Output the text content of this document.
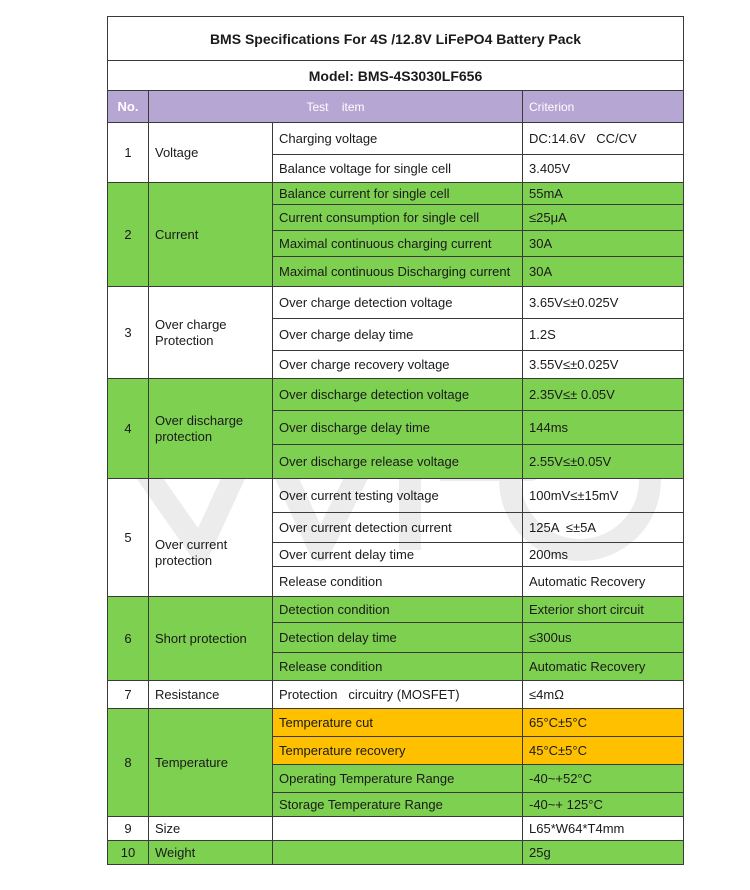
BMS Specifications For 4S /12.8V LiFePO4 Battery Pack			
Model: BMS-4S3030LF656			
No.	Test    item		Criterion
1	Voltage	Charging voltage	DC:14.6V   CC/CV
		Balance voltage for single cell	3.405V
2	Current	Balance current for single cell	55mA
		Current consumption for single cell	≤25μA
		Maximal continuous charging current	30A
		Maximal continuous Discharging current	30A
3	Over charge Protection	Over charge detection voltage	3.65V≤±0.025V
		Over charge delay time	1.2S
		Over charge recovery voltage	3.55V≤±0.025V
4	Over discharge protection	Over discharge detection voltage	2.35V≤± 0.05V
		Over discharge delay time	144ms
		Over discharge release voltage	2.55V≤±0.05V
5	Over current protection	Over current testing voltage	100mV≤±15mV
		Over current detection current	125A  ≤±5A
		Over current delay time	200ms
		Release condition	Automatic Recovery
6	Short protection	Detection condition	Exterior short circuit
		Detection delay time	≤300us
		Release condition	Automatic Recovery
7	Resistance	Protection   circuitry (MOSFET)	≤4mΩ
8	Temperature	Temperature cut	65°C±5°C
		Temperature recovery	45°C±5°C
		Operating Temperature Range	-40~+52°C
		Storage Temperature Range	-40~+ 125°C
9	Size		L65*W64*T4mm
10	Weight		25g
